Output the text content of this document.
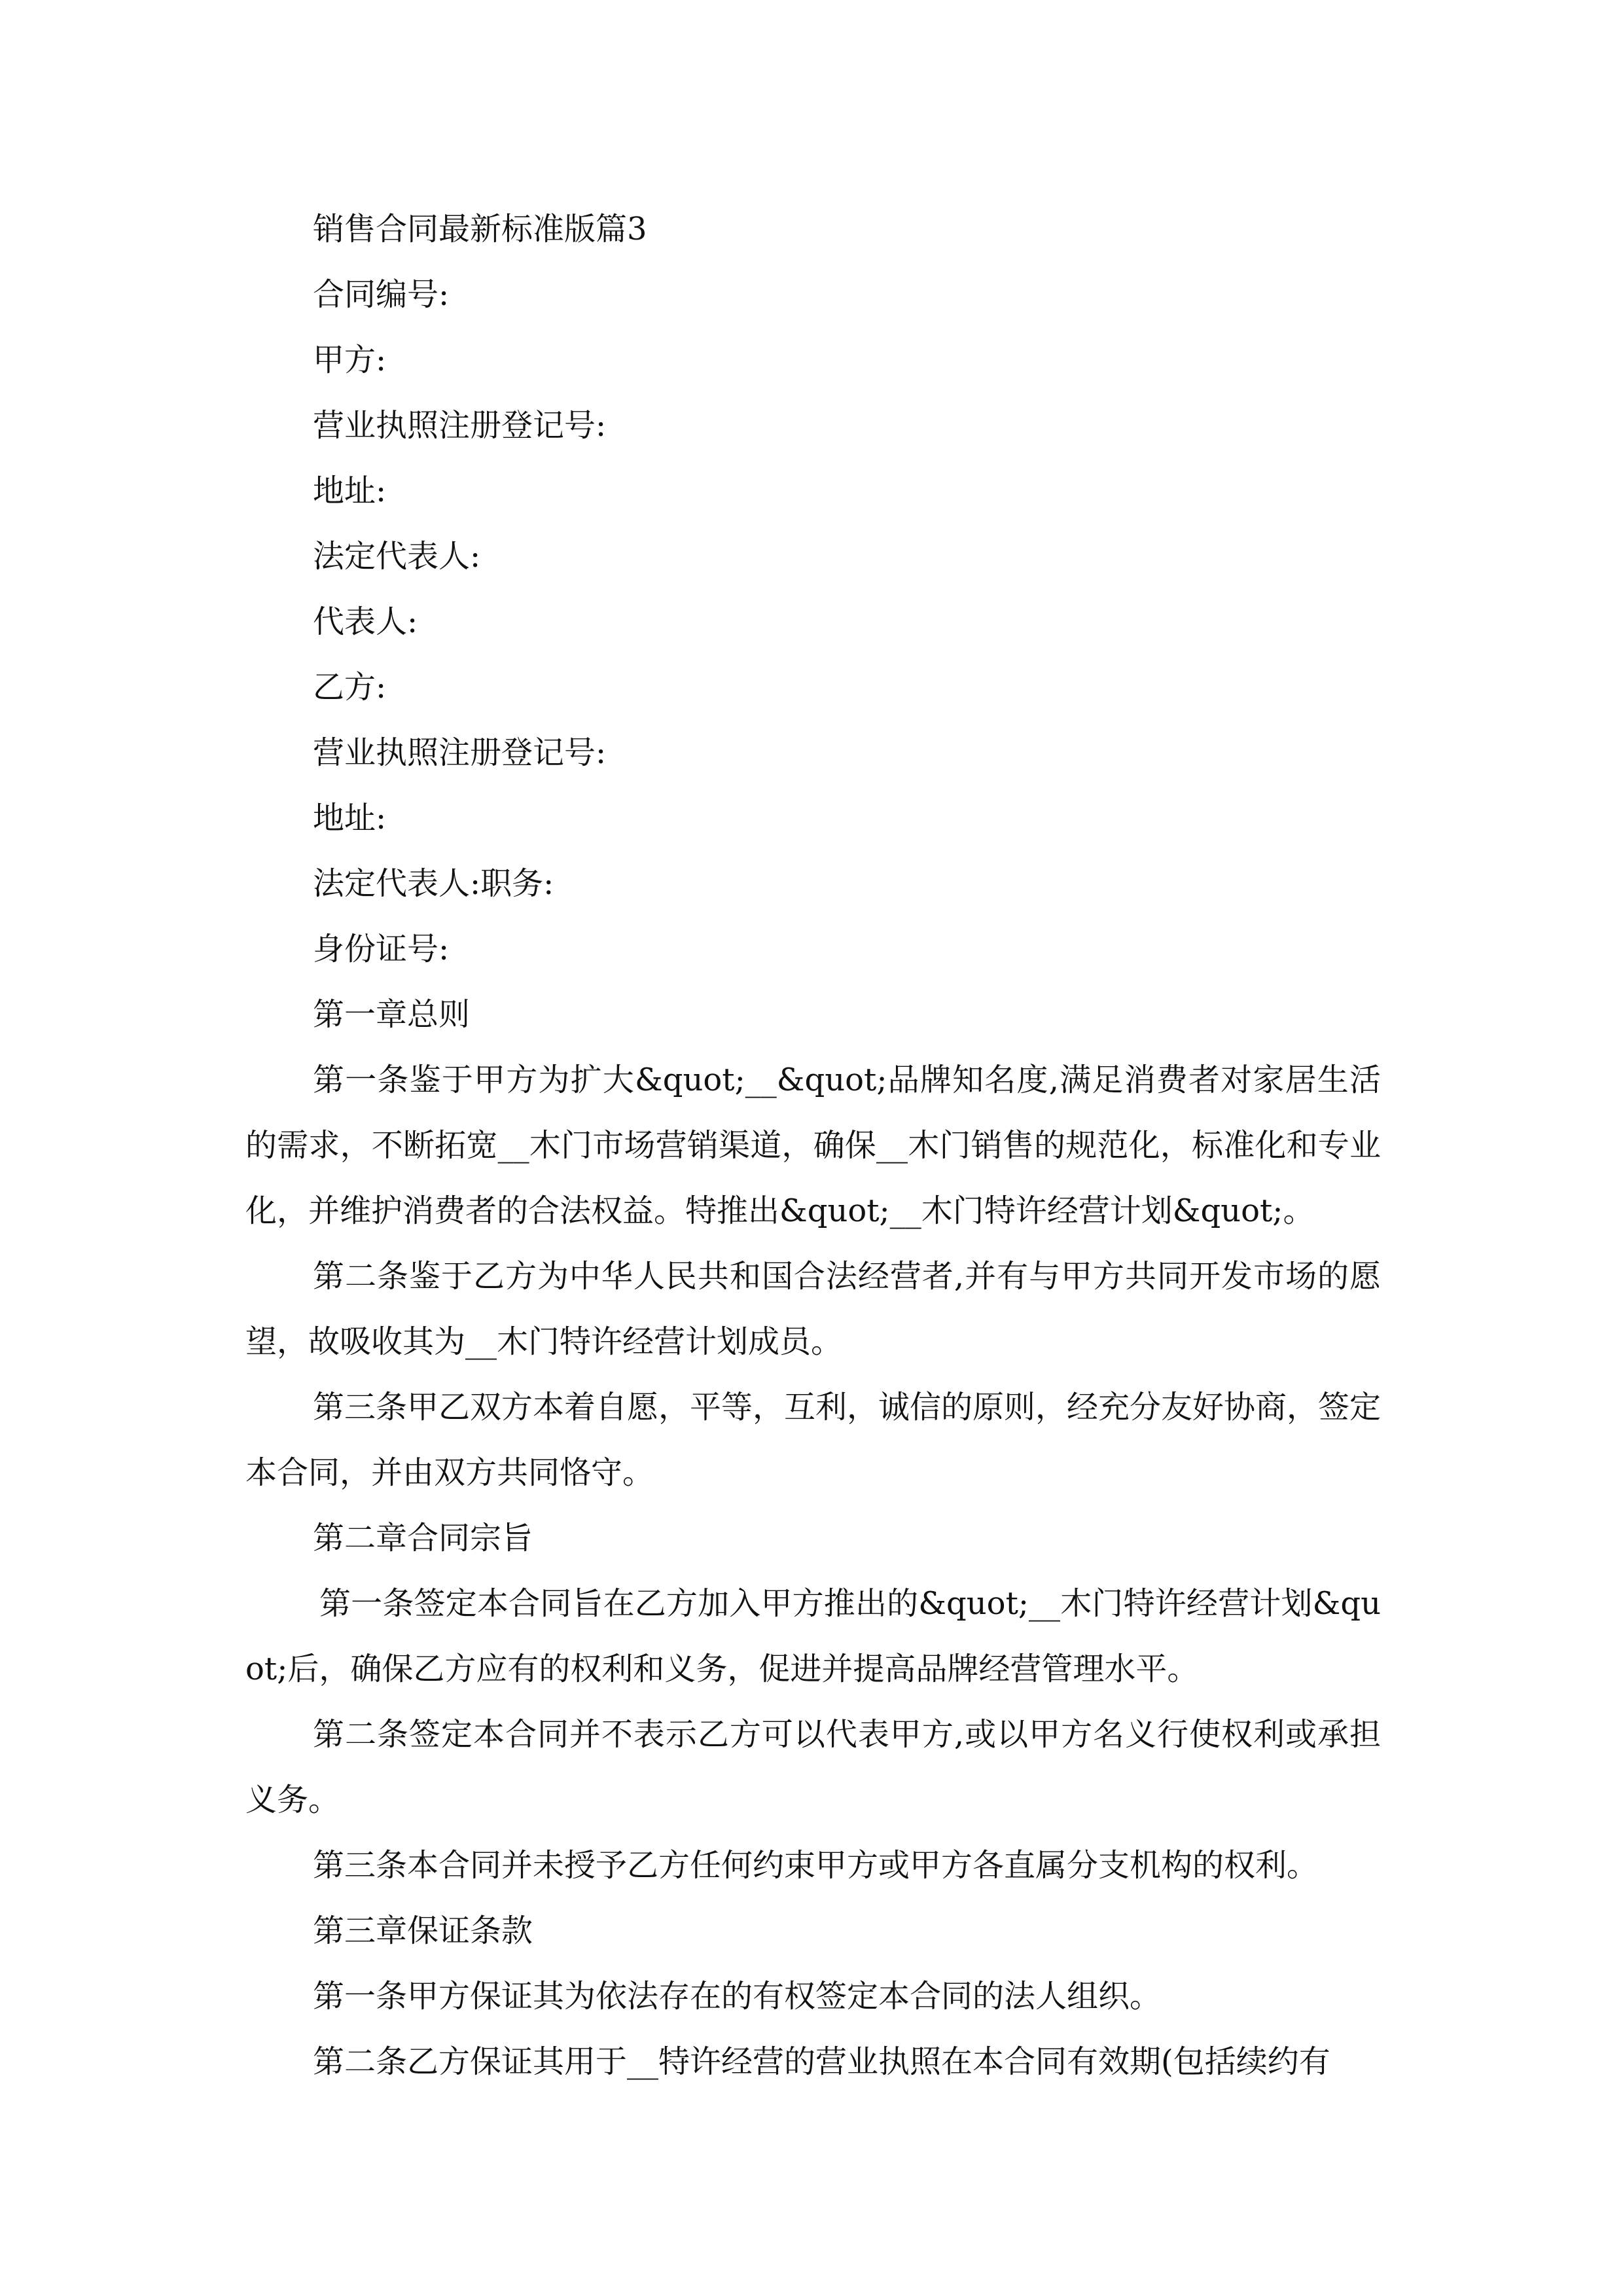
销售合同最新标准版篇3

合同编号:

甲方:

营业执照注册登记号:

地址:

法定代表人:

代表人:

乙方:

营业执照注册登记号:

地址:

法定代表人:职务:

身份证号:

第一章总则

第一条鉴于甲方为扩大&quot;__&quot;品牌知名度,满足消费者对家居生活的需求，不断拓宽__木门市场营销渠道，确保__木门销售的规范化，标准化和专业化，并维护消费者的合法权益。特推出&quot;__木门特许经营计划&quot;。

第二条鉴于乙方为中华人民共和国合法经营者,并有与甲方共同开发市场的愿望，故吸收其为__木门特许经营计划成员。

第三条甲乙双方本着自愿，平等，互利，诚信的原则，经充分友好协商，签定本合同，并由双方共同恪守。

第二章合同宗旨

第一条签定本合同旨在乙方加入甲方推出的&quot;__木门特许经营计划&quot;后，确保乙方应有的权利和义务，促进并提高品牌经营管理水平。

第二条签定本合同并不表示乙方可以代表甲方,或以甲方名义行使权利或承担义务。

第三条本合同并未授予乙方任何约束甲方或甲方各直属分支机构的权利。

第三章保证条款

第一条甲方保证其为依法存在的有权签定本合同的法人组织。

第二条乙方保证其用于__特许经营的营业执照在本合同有效期(包括续约有
